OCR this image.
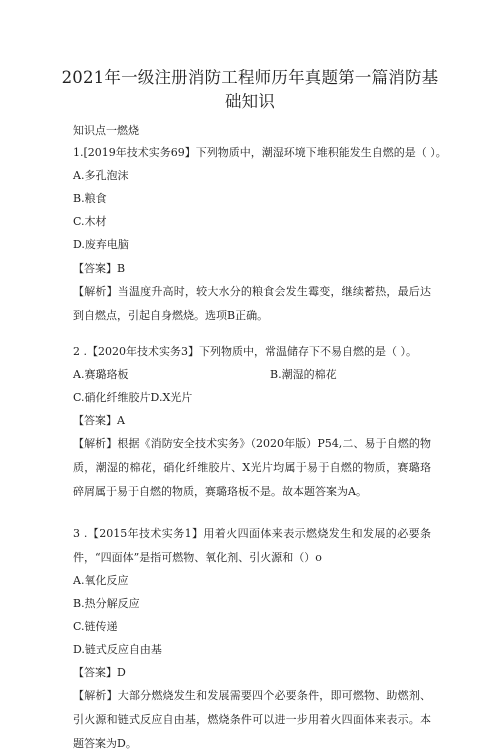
2021年一级注册消防工程师历年真题第一篇消防基础知识
知识点一燃烧
1.[2019年技术实务69】下列物质中，潮湿环境下堆积能发生自燃的是（ ）。
A.多孔泡沫
B.粮食
C.木材
D.废弃电脑
【答案】B
【解析】当温度升高时，较大水分的粮食会发生霉变，继续蓄热，最后达到自燃点，引起自身燃烧。选项B正确。
2 .【2020年技术实务3】下列物质中，常温储存下不易自燃的是（ ）。
A.赛璐珞板	B.潮湿的棉花
C.硝化纤维胶片D.X光片
【答案】A
【解析】根据《消防安全技术实务》（2020年版）P54,二、易于自燃的物质，潮湿的棉花，硝化纤维胶片、X光片均属于易于自燃的物质，赛璐珞碎屑属于易于自燃的物质，赛璐珞板不是。故本题答案为A。
3 .【2015年技术实务1】用着火四面体来表示燃烧发生和发展的必要条件，“四面体”是指可燃物、氧化剂、引火源和（）o
A.氧化反应
B.热分解反应
C.链传递
D.链式反应自由基
【答案】D
【解析】大部分燃烧发生和发展需要四个必要条件，即可燃物、助燃剂、引火源和链式反应自由基，燃烧条件可以进一步用着火四面体来表示。本题答案为D。
